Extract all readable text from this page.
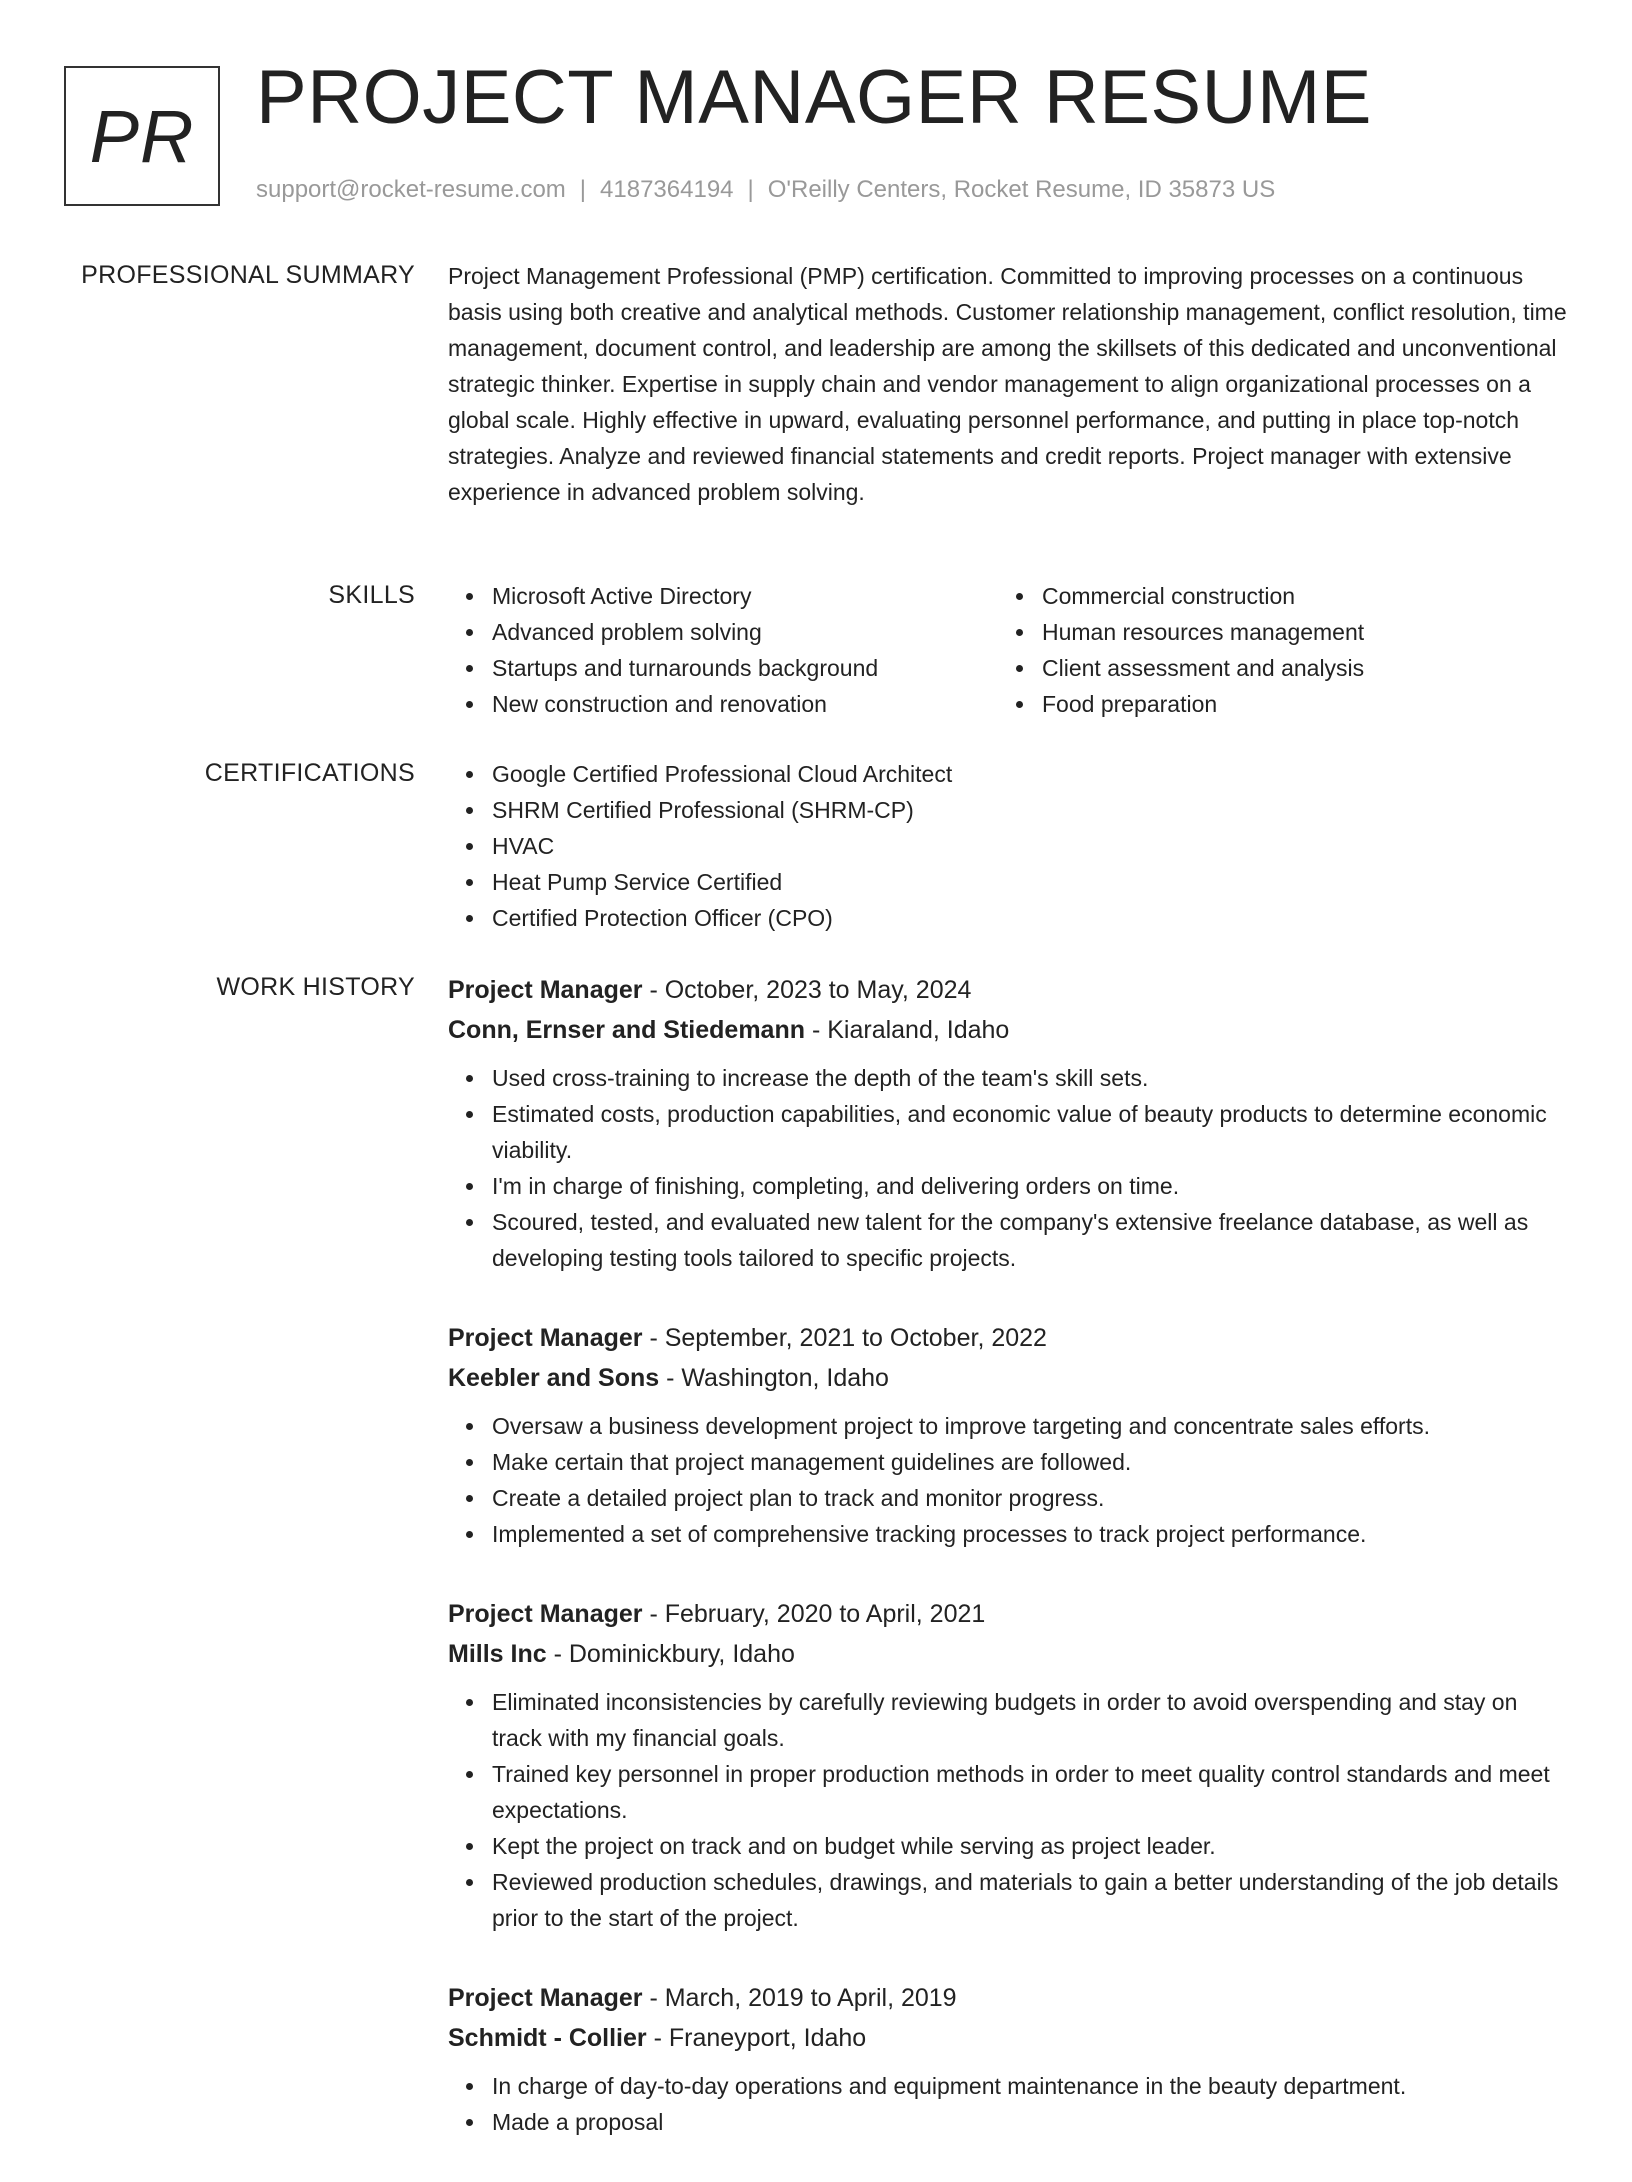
PR PROJECT MANAGER RESUME
support@rocket-resume.com | 4187364194 | O'Reilly Centers, Rocket Resume, ID 35873 US
PROFESSIONAL SUMMARY Project Management Professional (PMP) certification. Committed to improving processes on a continuous basis using both creative and analytical methods. Customer relationship management, conflict resolution, time management, document control, and leadership are among the skillsets of this dedicated and unconventional strategic thinker. Expertise in supply chain and vendor management to align organizational processes on a global scale. Highly effective in upward, evaluating personnel performance, and putting in place top-notch strategies. Analyze and reviewed financial statements and credit reports. Project manager with extensive experience in advanced problem solving.

SKILLS	Microsoft Active Directory
Advanced problem solving
Startups and turnarounds background
New construction and renovation
Commercial construction
Human resources management
Client assessment and analysis
Food preparation
CERTIFICATIONS	Google Certified Professional Cloud Architect
SHRM Certified Professional (SHRM-CP)
HVAC
Heat Pump Service Certified
Certified Protection Officer (CPO)
WORK HISTORY Project Manager - October, 2023 to May, 2024
Conn, Ernser and Stiedemann - Kiaraland, Idaho
Used cross-training to increase the depth of the team's skill sets.
Estimated costs, production capabilities, and economic value of beauty products to determine economic viability.
I'm in charge of finishing, completing, and delivering orders on time.
Scoured, tested, and evaluated new talent for the company's extensive freelance database, as well as developing testing tools tailored to specific projects.
Project Manager - September, 2021 to October, 2022
Keebler and Sons - Washington, Idaho
Oversaw a business development project to improve targeting and concentrate sales efforts.
Make certain that project management guidelines are followed.
Create a detailed project plan to track and monitor progress.
Implemented a set of comprehensive tracking processes to track project performance.
Project Manager - February, 2020 to April, 2021
Mills Inc - Dominickbury, Idaho
Eliminated inconsistencies by carefully reviewing budgets in order to avoid overspending and stay on track with my financial goals.
Trained key personnel in proper production methods in order to meet quality control standards and meet expectations.
Kept the project on track and on budget while serving as project leader.
Reviewed production schedules, drawings, and materials to gain a better understanding of the job details prior to the start of the project.
Project Manager - March, 2019 to April, 2019
Schmidt - Collier - Franeyport, Idaho
In charge of day-to-day operations and equipment maintenance in the beauty department.
Made a proposal
